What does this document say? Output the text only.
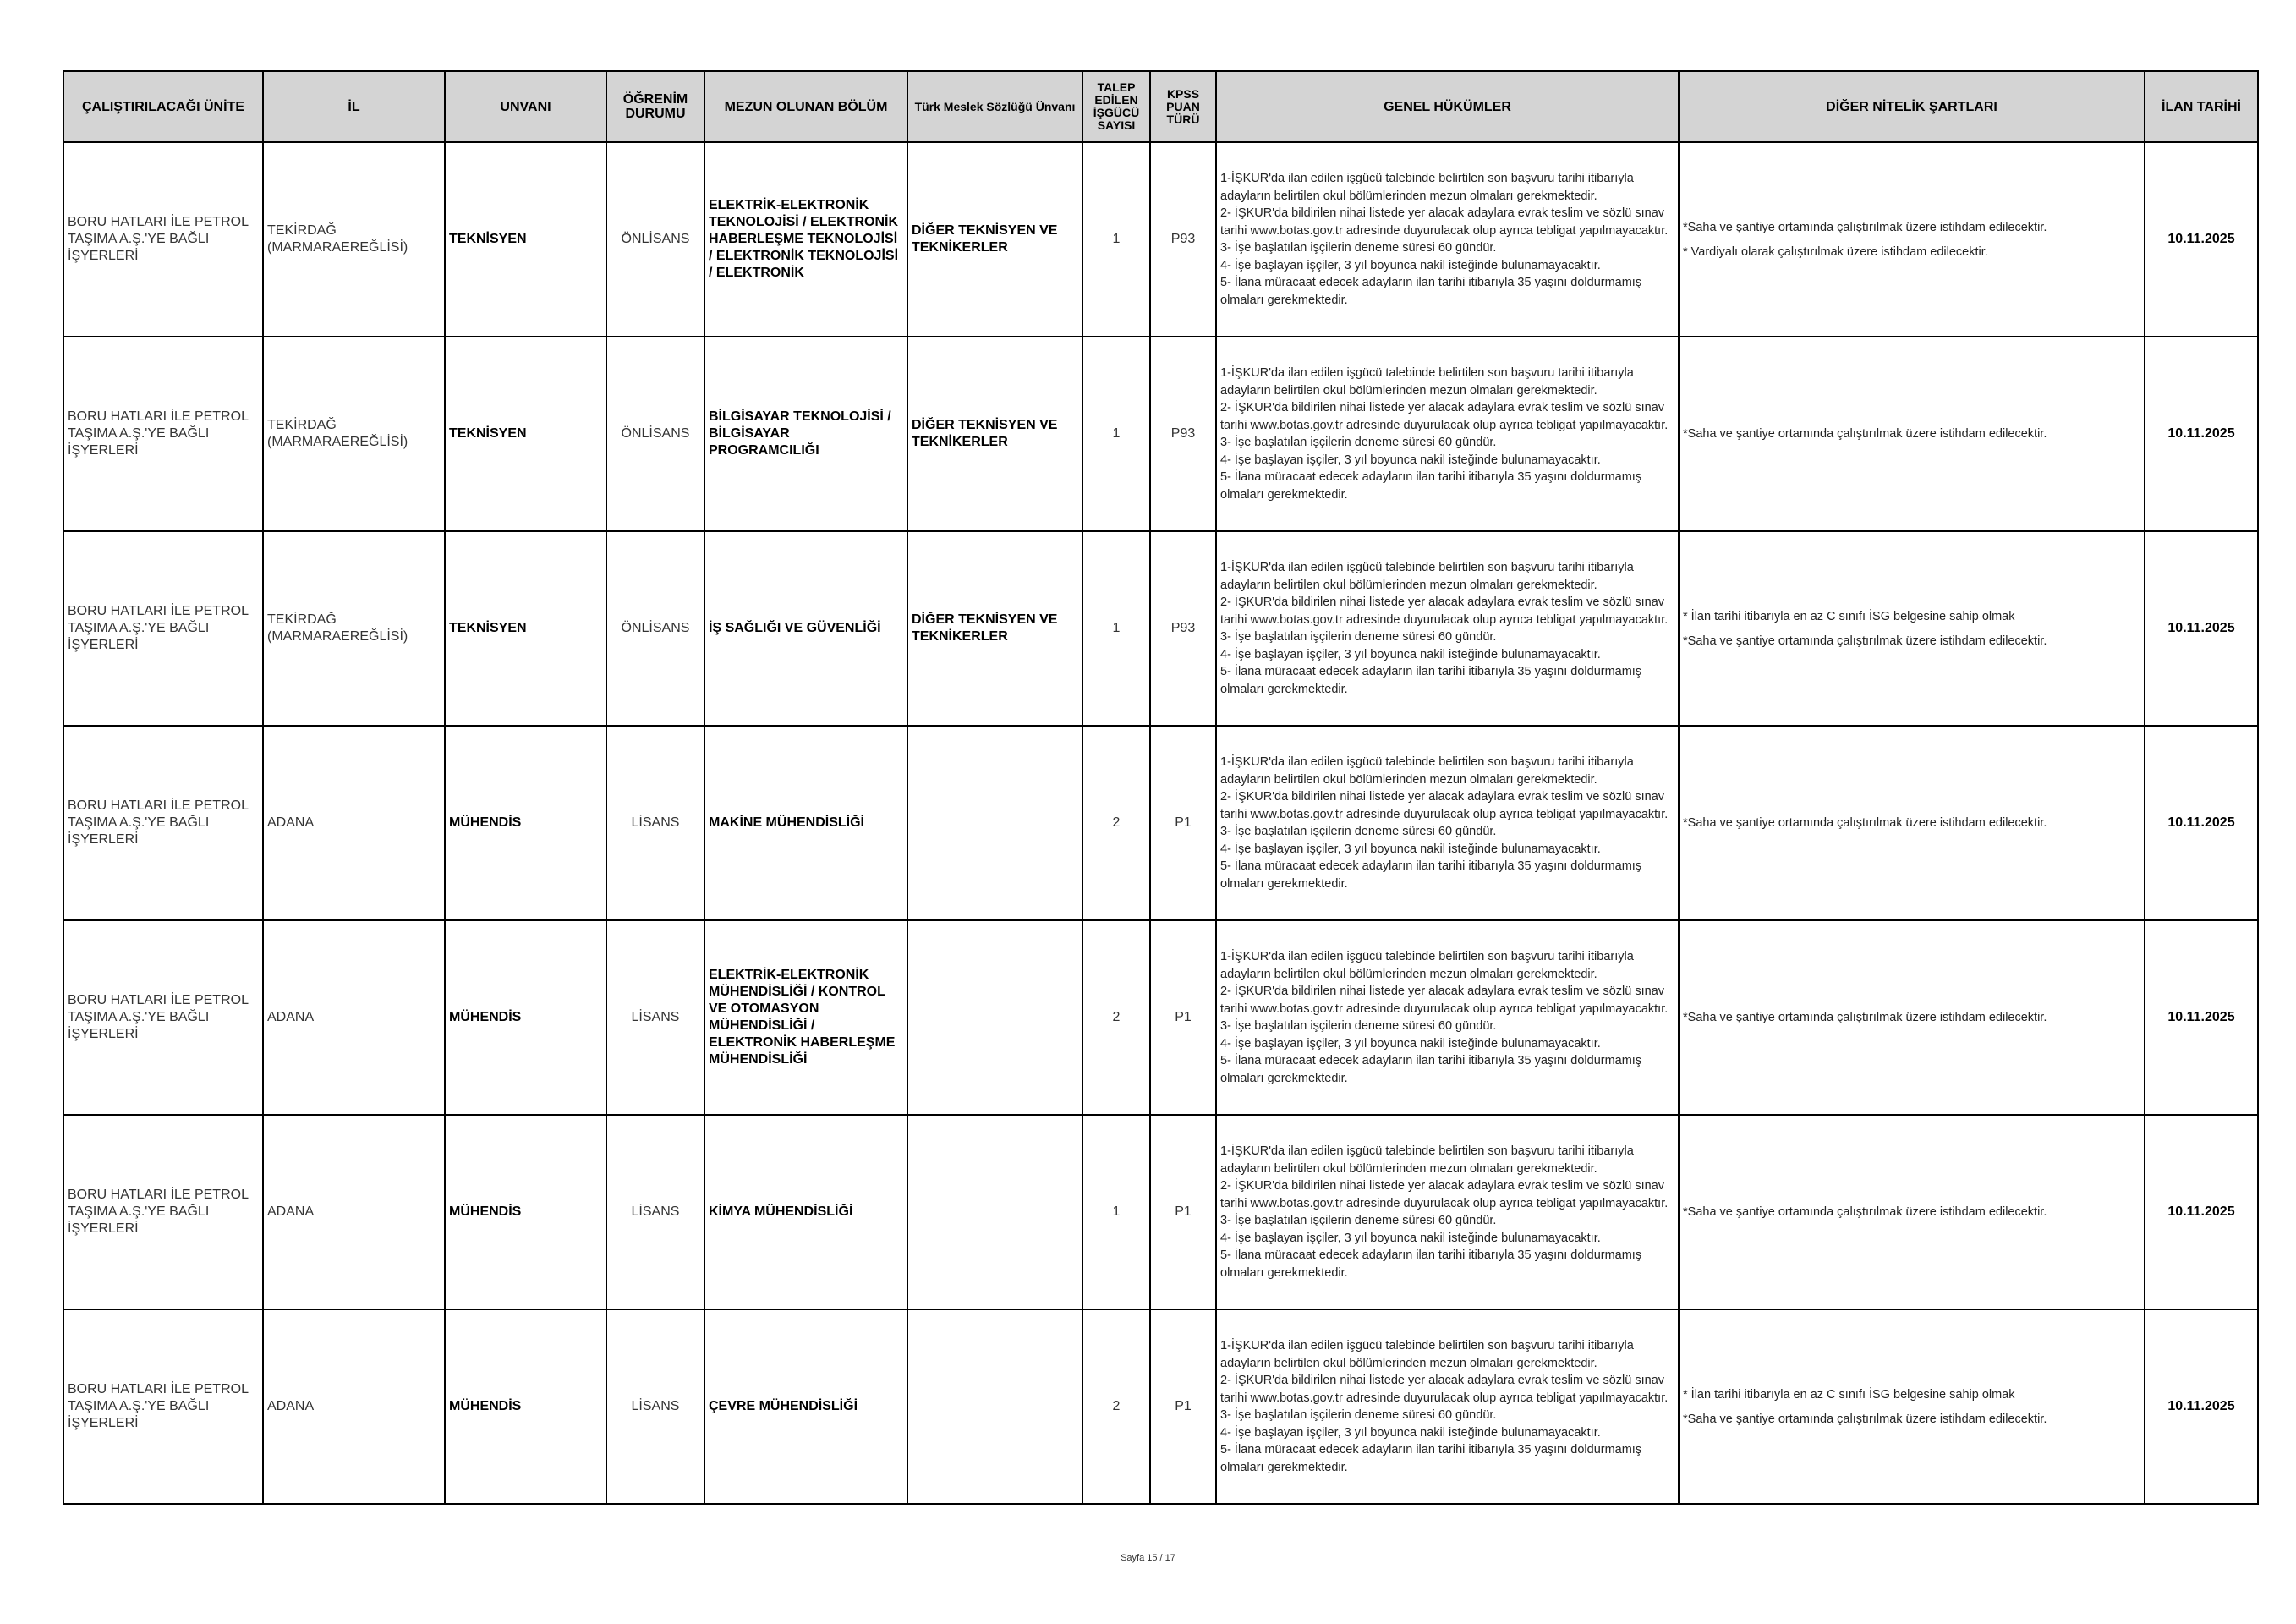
ÇALIŞTIRILACAĞI ÜNİTE	İL	UNVANI	ÖĞRENİM DURUMU	MEZUN OLUNAN BÖLÜM	Türk Meslek Sözlüğü Ünvanı	TALEP EDİLEN İŞGÜCÜ SAYISI	KPSS PUAN TÜRÜ	GENEL HÜKÜMLER	DİĞER NİTELİK ŞARTLARI	İLAN TARİHİ
BORU HATLARI İLE PETROL TAŞIMA A.Ş.'YE BAĞLI İŞYERLERİ	TEKİRDAĞ (MARMARAEREĞLİSİ)	TEKNİSYEN	ÖNLİSANS	ELEKTRİK-ELEKTRONİK TEKNOLOJİSİ / ELEKTRONİK HABERLEŞME TEKNOLOJİSİ / ELEKTRONİK TEKNOLOJİSİ / ELEKTRONİK	DİĞER TEKNİSYEN VE TEKNİKERLER	1	P93	1-İŞKUR'da ilan edilen işgücü talebinde belirtilen son başvuru tarihi itibarıyla adayların belirtilen okul bölümlerinden mezun olmaları gerekmektedir.
2- İŞKUR'da bildirilen nihai listede yer alacak adaylara evrak teslim ve sözlü sınav tarihi www.botas.gov.tr adresinde duyurulacak olup ayrıca tebligat yapılmayacaktır.
3- İşe başlatılan işçilerin deneme süresi 60 gündür.
4- İşe başlayan işçiler, 3 yıl boyunca nakil isteğinde bulunamayacaktır.
5- İlana müracaat edecek adayların ilan tarihi itibarıyla 35 yaşını doldurmamış olmaları gerekmektedir.	*Saha ve şantiye ortamında çalıştırılmak üzere istihdam edilecektir.
* Vardiyalı olarak çalıştırılmak üzere istihdam edilecektir.	10.11.2025
BORU HATLARI İLE PETROL TAŞIMA A.Ş.'YE BAĞLI İŞYERLERİ	TEKİRDAĞ (MARMARAEREĞLİSİ)	TEKNİSYEN	ÖNLİSANS	BİLGİSAYAR TEKNOLOJİSİ / BİLGİSAYAR PROGRAMCILIĞI	DİĞER TEKNİSYEN VE TEKNİKERLER	1	P93	1-İŞKUR'da ilan edilen işgücü talebinde belirtilen son başvuru tarihi itibarıyla adayların belirtilen okul bölümlerinden mezun olmaları gerekmektedir.
2- İŞKUR'da bildirilen nihai listede yer alacak adaylara evrak teslim ve sözlü sınav tarihi www.botas.gov.tr adresinde duyurulacak olup ayrıca tebligat yapılmayacaktır.
3- İşe başlatılan işçilerin deneme süresi 60 gündür.
4- İşe başlayan işçiler, 3 yıl boyunca nakil isteğinde bulunamayacaktır.
5- İlana müracaat edecek adayların ilan tarihi itibarıyla 35 yaşını doldurmamış olmaları gerekmektedir.	*Saha ve şantiye ortamında çalıştırılmak üzere istihdam edilecektir.	10.11.2025
BORU HATLARI İLE PETROL TAŞIMA A.Ş.'YE BAĞLI İŞYERLERİ	TEKİRDAĞ (MARMARAEREĞLİSİ)	TEKNİSYEN	ÖNLİSANS	İŞ SAĞLIĞI VE GÜVENLİĞİ	DİĞER TEKNİSYEN VE TEKNİKERLER	1	P93	1-İŞKUR'da ilan edilen işgücü talebinde belirtilen son başvuru tarihi itibarıyla adayların belirtilen okul bölümlerinden mezun olmaları gerekmektedir.
2- İŞKUR'da bildirilen nihai listede yer alacak adaylara evrak teslim ve sözlü sınav tarihi www.botas.gov.tr adresinde duyurulacak olup ayrıca tebligat yapılmayacaktır.
3- İşe başlatılan işçilerin deneme süresi 60 gündür.
4- İşe başlayan işçiler, 3 yıl boyunca nakil isteğinde bulunamayacaktır.
5- İlana müracaat edecek adayların ilan tarihi itibarıyla 35 yaşını doldurmamış olmaları gerekmektedir.	* İlan tarihi itibarıyla en az C sınıfı İSG belgesine sahip olmak
*Saha ve şantiye ortamında çalıştırılmak üzere istihdam edilecektir.	10.11.2025
BORU HATLARI İLE PETROL TAŞIMA A.Ş.'YE BAĞLI İŞYERLERİ	ADANA	MÜHENDİS	LİSANS	MAKİNE MÜHENDİSLİĞİ		2	P1	1-İŞKUR'da ilan edilen işgücü talebinde belirtilen son başvuru tarihi itibarıyla adayların belirtilen okul bölümlerinden mezun olmaları gerekmektedir.
2- İŞKUR'da bildirilen nihai listede yer alacak adaylara evrak teslim ve sözlü sınav tarihi www.botas.gov.tr adresinde duyurulacak olup ayrıca tebligat yapılmayacaktır.
3- İşe başlatılan işçilerin deneme süresi 60 gündür.
4- İşe başlayan işçiler, 3 yıl boyunca nakil isteğinde bulunamayacaktır.
5- İlana müracaat edecek adayların ilan tarihi itibarıyla 35 yaşını doldurmamış olmaları gerekmektedir.	*Saha ve şantiye ortamında çalıştırılmak üzere istihdam edilecektir.	10.11.2025
BORU HATLARI İLE PETROL TAŞIMA A.Ş.'YE BAĞLI İŞYERLERİ	ADANA	MÜHENDİS	LİSANS	ELEKTRİK-ELEKTRONİK MÜHENDİSLİĞİ / KONTROL VE OTOMASYON MÜHENDİSLİĞİ / ELEKTRONİK HABERLEŞME MÜHENDİSLİĞİ		2	P1	1-İŞKUR'da ilan edilen işgücü talebinde belirtilen son başvuru tarihi itibarıyla adayların belirtilen okul bölümlerinden mezun olmaları gerekmektedir.
2- İŞKUR'da bildirilen nihai listede yer alacak adaylara evrak teslim ve sözlü sınav tarihi www.botas.gov.tr adresinde duyurulacak olup ayrıca tebligat yapılmayacaktır.
3- İşe başlatılan işçilerin deneme süresi 60 gündür.
4- İşe başlayan işçiler, 3 yıl boyunca nakil isteğinde bulunamayacaktır.
5- İlana müracaat edecek adayların ilan tarihi itibarıyla 35 yaşını doldurmamış olmaları gerekmektedir.	*Saha ve şantiye ortamında çalıştırılmak üzere istihdam edilecektir.	10.11.2025
BORU HATLARI İLE PETROL TAŞIMA A.Ş.'YE BAĞLI İŞYERLERİ	ADANA	MÜHENDİS	LİSANS	KİMYA MÜHENDİSLİĞİ		1	P1	1-İŞKUR'da ilan edilen işgücü talebinde belirtilen son başvuru tarihi itibarıyla adayların belirtilen okul bölümlerinden mezun olmaları gerekmektedir.
2- İŞKUR'da bildirilen nihai listede yer alacak adaylara evrak teslim ve sözlü sınav tarihi www.botas.gov.tr adresinde duyurulacak olup ayrıca tebligat yapılmayacaktır.
3- İşe başlatılan işçilerin deneme süresi 60 gündür.
4- İşe başlayan işçiler, 3 yıl boyunca nakil isteğinde bulunamayacaktır.
5- İlana müracaat edecek adayların ilan tarihi itibarıyla 35 yaşını doldurmamış olmaları gerekmektedir.	*Saha ve şantiye ortamında çalıştırılmak üzere istihdam edilecektir.	10.11.2025
BORU HATLARI İLE PETROL TAŞIMA A.Ş.'YE BAĞLI İŞYERLERİ	ADANA	MÜHENDİS	LİSANS	ÇEVRE MÜHENDİSLİĞİ		2	P1	1-İŞKUR'da ilan edilen işgücü talebinde belirtilen son başvuru tarihi itibarıyla adayların belirtilen okul bölümlerinden mezun olmaları gerekmektedir.
2- İŞKUR'da bildirilen nihai listede yer alacak adaylara evrak teslim ve sözlü sınav tarihi www.botas.gov.tr adresinde duyurulacak olup ayrıca tebligat yapılmayacaktır.
3- İşe başlatılan işçilerin deneme süresi 60 gündür.
4- İşe başlayan işçiler, 3 yıl boyunca nakil isteğinde bulunamayacaktır.
5- İlana müracaat edecek adayların ilan tarihi itibarıyla 35 yaşını doldurmamış olmaları gerekmektedir.	* İlan tarihi itibarıyla en az C sınıfı İSG belgesine sahip olmak
*Saha ve şantiye ortamında çalıştırılmak üzere istihdam edilecektir.	10.11.2025
Sayfa 15 / 17
